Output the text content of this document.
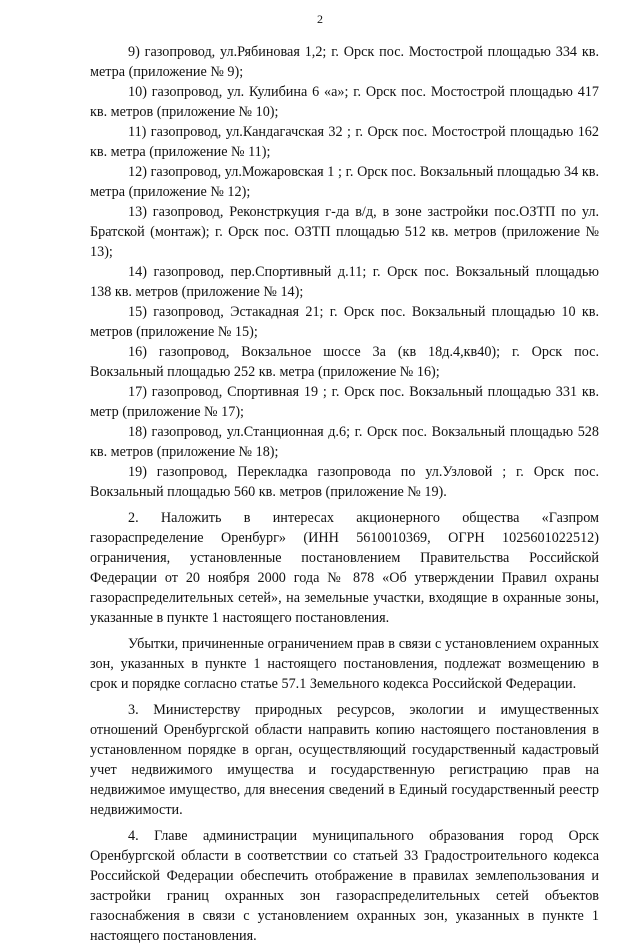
2

9) газопровод, ул.Рябиновая 1,2; г. Орск пос. Мостострой площадью 334 кв. метра (приложение № 9);

10) газопровод, ул. Кулибина 6 «а»; г. Орск пос. Мостострой площадью 417 кв. метров (приложение № 10);

11) газопровод, ул.Кандагачская 32 ; г. Орск пос. Мостострой площадью 162 кв. метра (приложение № 11);

12) газопровод, ул.Можаровская 1 ; г. Орск пос. Вокзальный площадью 34 кв. метра (приложение № 12);

13) газопровод, Реконстркуция г-да в/д, в зоне застройки пос.ОЗТП по ул. Братской (монтаж); г. Орск пос. ОЗТП площадью 512 кв. метров (приложение № 13);

14) газопровод, пер.Спортивный д.11; г. Орск пос. Вокзальный площадью 138 кв. метров (приложение № 14);

15) газопровод, Эстакадная 21; г. Орск пос. Вокзальный площадью 10 кв. метров (приложение № 15);

16) газопровод, Вокзальное шоссе 3а (кв 18д.4,кв40); г. Орск пос. Вокзальный площадью 252 кв. метра (приложение № 16);

17) газопровод, Спортивная 19 ; г. Орск пос. Вокзальный площадью 331 кв. метр (приложение № 17);

18) газопровод, ул.Станционная д.6; г. Орск пос. Вокзальный площадью 528 кв. метров (приложение № 18);

19) газопровод, Перекладка газопровода по ул.Узловой ; г. Орск пос. Вокзальный площадью 560 кв. метров (приложение № 19).

2. Наложить в интересах акционерного общества «Газпром газораспределение Оренбург» (ИНН 5610010369, ОГРН 1025601022512) ограничения, установленные постановлением Правительства Российской Федерации от 20 ноября 2000 года № 878 «Об утверждении Правил охраны газораспределительных сетей», на земельные участки, входящие в охранные зоны, указанные в пункте 1 настоящего постановления.

Убытки, причиненные ограничением прав в связи с установлением охранных зон, указанных в пункте 1 настоящего постановления, подлежат возмещению в срок и порядке согласно статье 57.1 Земельного кодекса Российской Федерации.

3. Министерству природных ресурсов, экологии и имущественных отношений Оренбургской области направить копию настоящего постановления в установленном порядке в орган, осуществляющий государственный кадастровый учет недвижимого имущества и государственную регистрацию прав на недвижимое имущество, для внесения сведений в Единый государственный реестр недвижимости.

4. Главе администрации муниципального образования город Орск Оренбургской области в соответствии со статьей 33 Градостроительного кодекса Российской Федерации обеспечить отображение в правилах землепользования и застройки границ охранных зон газораспределительных сетей объектов газоснабжения в связи с установлением охранных зон, указанных в пункте 1 настоящего постановления.
